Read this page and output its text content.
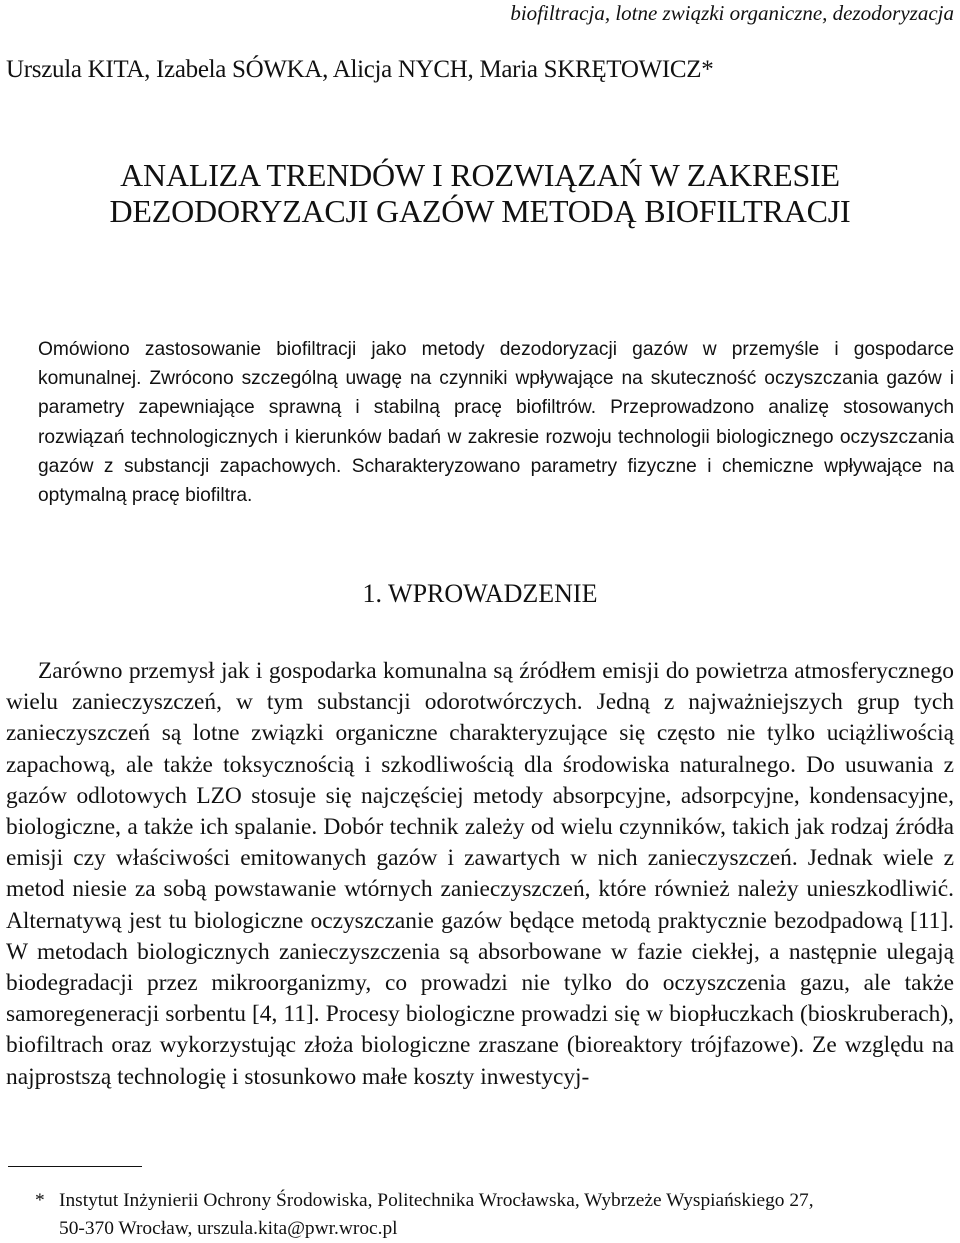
biofiltracja, lotne związki organiczne, dezodoryzacja
Urszula KITA, Izabela SÓWKA, Alicja NYCH, Maria SKRĘTOWICZ*
ANALIZA TRENDÓW I ROZWIĄZAŃ W ZAKRESIE
DEZODORYZACJI GAZÓW METODĄ BIOFILTRACJI
Omówiono zastosowanie biofiltracji jako metody dezodoryzacji gazów w przemyśle i gospodarce komunalnej. Zwrócono szczególną uwagę na czynniki wpływające na skuteczność oczyszczania gazów i parametry zapewniające sprawną i stabilną pracę biofiltrów. Przeprowadzono analizę stosowanych rozwiązań technologicznych i kierunków badań w zakresie rozwoju technologii biologicznego oczyszczania gazów z substancji zapachowych. Scharakteryzowano parametry fizyczne i chemiczne wpływające na optymalną pracę biofiltra.
1. WPROWADZENIE
Zarówno przemysł jak i gospodarka komunalna są źródłem emisji do powietrza atmosferycznego wielu zanieczyszczeń, w tym substancji odorotwórczych. Jedną z najważniejszych grup tych zanieczyszczeń są lotne związki organiczne charakteryzujące się często nie tylko uciążliwością zapachową, ale także toksycznością i szkodliwością dla środowiska naturalnego. Do usuwania z gazów odlotowych LZO stosuje się najczęściej metody absorpcyjne, adsorpcyjne, kondensacyjne, biologiczne, a także ich spalanie. Dobór technik zależy od wielu czynników, takich jak rodzaj źródła emisji czy właściwości emitowanych gazów i zawartych w nich zanieczyszczeń. Jednak wiele z metod niesie za sobą powstawanie wtórnych zanieczyszczeń, które również należy unieszkodliwić. Alternatywą jest tu biologiczne oczyszczanie gazów będące metodą praktycznie bezodpadową [11]. W metodach biologicznych zanieczyszczenia są absorbowane w fazie ciekłej, a następnie ulegają biodegradacji przez mikroorganizmy, co prowadzi nie tylko do oczyszczenia gazu, ale także samoregeneracji sorbentu [4, 11]. Procesy biologiczne prowadzi się w biopłuczkach (bioskruberach), biofiltrach oraz wykorzystując złoża biologiczne zraszane (bioreaktory trójfazowe). Ze względu na najprostszą technologię i stosunkowo małe koszty inwestycyj-
* Instytut Inżynierii Ochrony Środowiska, Politechnika Wrocławska, Wybrzeże Wyspiańskiego 27,
50-370 Wrocław, urszula.kita@pwr.wroc.pl
